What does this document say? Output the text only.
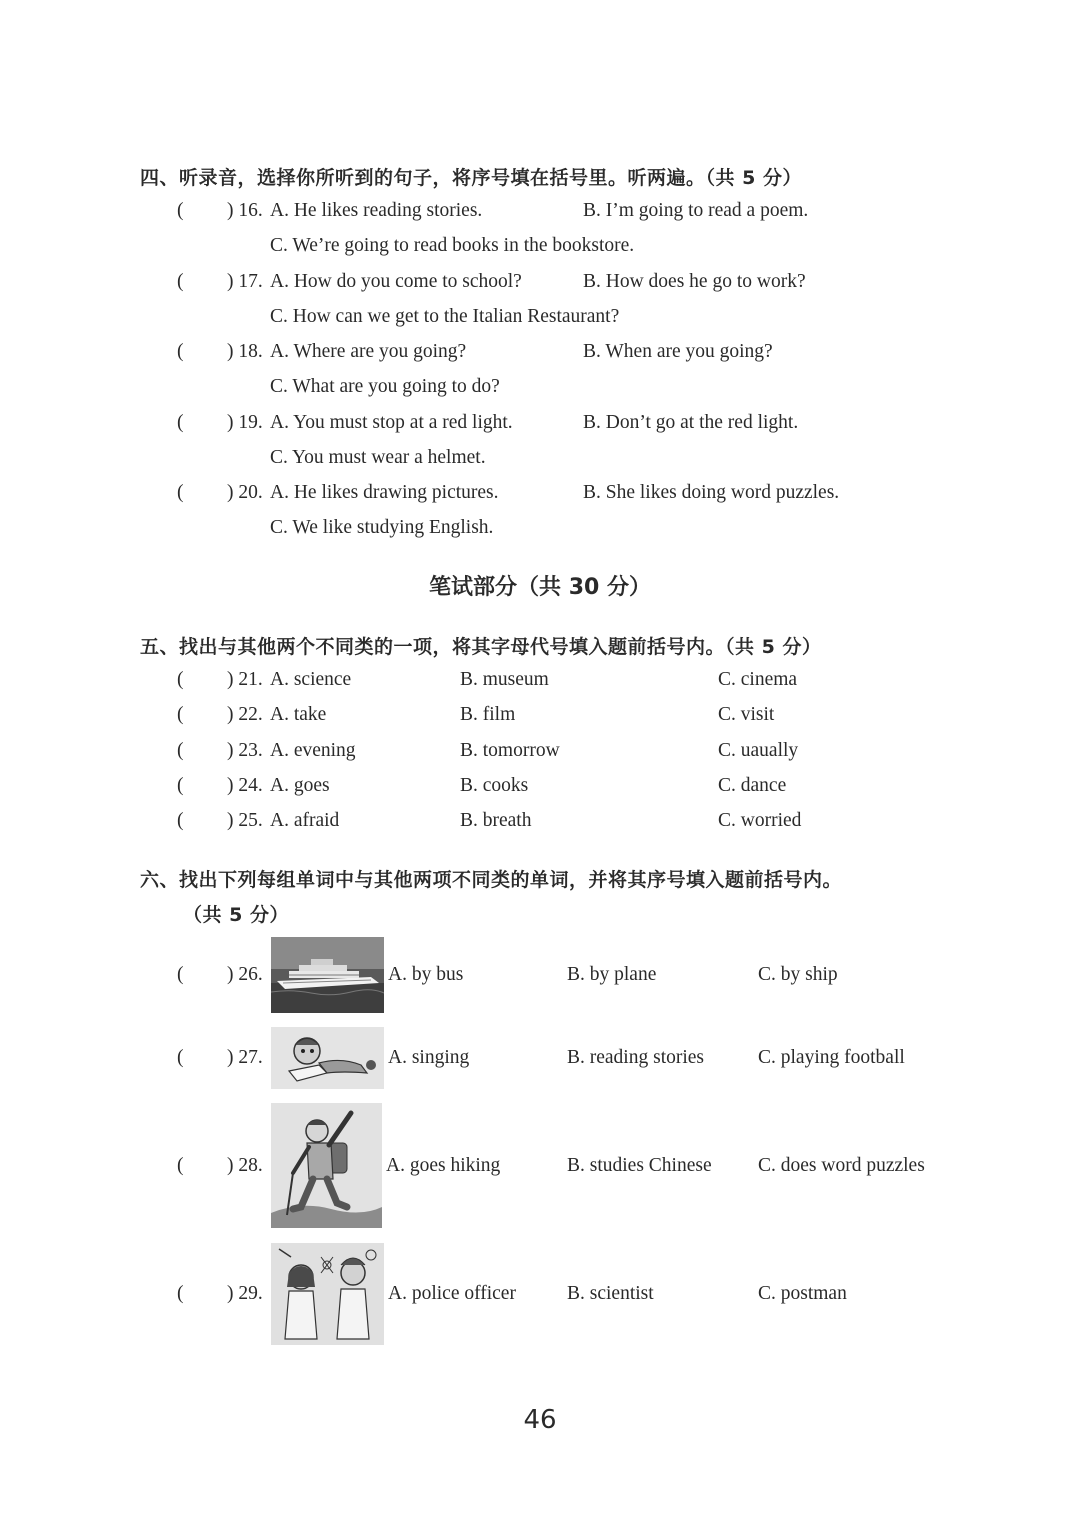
四、听录音，选择你所听到的句子，将序号填在括号里。听两遍。（共 5 分）
( ) 16. A. He likes reading stories.	B. I’m going to read a poem.
C. We’re going to read books in the bookstore.
( ) 17. A. How do you come to school?	B. How does he go to work?
C. How can we get to the Italian Restaurant?
( ) 18. A. Where are you going?	B. When are you going?
C. What are you going to do?
( ) 19. A. You must stop at a red light.	B. Don’t go at the red light.
C. You must wear a helmet.
( ) 20. A. He likes drawing pictures.	B. She likes doing word puzzles.
C. We like studying English.
笔试部分（共 30 分）
五、找出与其他两个不同类的一项，将其字母代号填入题前括号内。（共 5 分）
( ) 21. A. science	B. museum	C. cinema
( ) 22. A. take	B. film	C. visit
( ) 23. A. evening	B. tomorrow	C. uaually
( ) 24. A. goes	B. cooks	C. dance
( ) 25. A. afraid	B. breath	C. worried
六、找出下列每组单词中与其他两项不同类的单词，并将其序号填入题前括号内。
（共 5 分）
( ) 26.	A. by bus	B. by plane	C. by ship
( ) 27.	A. singing	B. reading stories	C. playing football
( ) 28.	A. goes hiking	B. studies Chinese C. does word puzzles
( ) 29.	A. police officer	B. scientist	C. postman
46
